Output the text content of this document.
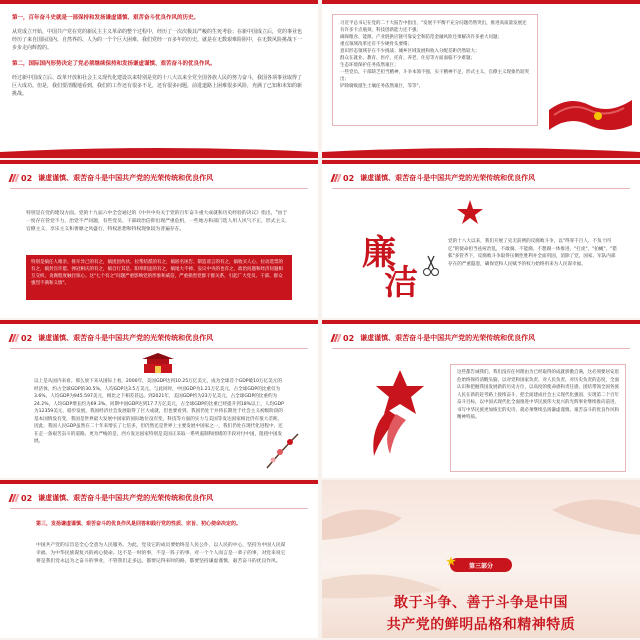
第一，百年奋斗史就是一部保持和发扬谦虚谨慎、艰苦奋斗优良作风的历史。

从党成立开始，中国共产党在党的新民主主义革命的整个过程中，经历了一次次极其严峻的生死考验；在新中国成立后，党的事业也经历了来自国际国内、自然界的、人为的一个个巨大困难，我们党经一百多年的历史，就是在无数艰难险阻中，在无数风险挑战下一步步走向辉煌的。

第二，国际国内形势决定了党必须继续保持和发扬谦虚谨慎、艰苦奋斗的优良作风。

经过新中国成立后、改革开放和社会主义现代化建设以来特别是党的十八大以来全党全国各族人民的努力奋斗，我国各项事业取得了巨大成功。但是，我们要清醒地看到，我们的工作还有很多不足，还有很多问题，前进道路上困难很多风险，充满了已知和未知的新挑战。

习近平总书记在党的二十大报告中指出，"发展不平衡不充分问题仍然突出，推进高质量发展还有许多卡点瓶颈，科技创新能力还不强；

确保粮食、能源、产业链供应链可靠安全和防范金融风险还须解决许多重大问题；

重点领域改革还有不少硬骨头要啃；

意识形态领域存在不少挑战；城乡区域发展和收入分配差距仍然较大；

群众在就业、教育、医疗、托育、养老、住房等方面面临不少难题；

生态环境保护任务依然艰巨；

一些党员、干部缺乏担当精神，斗争本领不强，实干精神不足，形式主义、官僚主义现象仍较突出；

铲除腐败滋生土壤任务依然艰巨，等等"。

02 谦虚谨慎、艰苦奋斗是中国共产党的光荣传统和优良作风

特别是在党的建设方面。党的十九届六中全会通过的《中共中央关于党的百年奋斗重大成就和历史经验的决议》指出，"由于一度存在管党不力、治党不严问题，有些党员、干部政治信仰出现严重危机，一些地方和部门选人用人风气不正，形式主义、官僚主义、享乐主义和奢靡之风盛行，特权思想和特权现象较为普遍存在。

特别是搞任人唯亲、排斥异己的有之，搞团团伙伙、拉帮结派的有之，搞匿名诬告、制造谣言的有之，搞收买人心、拉动选票的有之，搞封官许愿、弹冠相庆的有之，搞自行其是、阳奉阴违的有之，搞尾大不掉、妄议中央的也有之，政治问题和经济问题相互交织，贪腐程度触目惊心。这"七个有之"问题严重影响党的形象和威信，严重损害党群干群关系，引起广大党员、干部、群众强烈不满和义愤"。

02 谦虚谨慎、艰苦奋斗是中国共产党的光荣传统和优良作风
廉
洁

党的十八大以来，我们开展了史无前例的反腐败斗争，以"得罪千百人、不负十四亿"的使命担当祛疴治乱，不敢腐、不能腐、不想腐一体推进，"打虎"、"拍蝇"、"猎狐"多管齐下，反腐败斗争取得压倒性胜利并全面巩固，消除了党、国家、军队内部存在的严重隐患，确保党和人民赋予的权力始终用来为人民谋幸福。

02 谦虚谨慎、艰苦奋斗是中国共产党的光荣传统和优良作风

以上是从国内来看。那么放下来从国际上看，2000年，美国GDP达到10.25万亿美元，成为全球首个GDP破10万亿美元的经济体，约占全球GDP的30.5%。人均GDP达3.5万美元。与此同时，中国GDP为1.21万亿美元，占全球GDP的比重仅为3.6%，人均GDP为945.597美元，相比之下相差甚远。到2021年，美国GDP约为23万亿美元，占全球GDP的比重约为24.2%，人均GDP增长约为69.3%。同期中国GDP达到17.7万亿美元，占全球GDP的比重已经提升到18%以上，人均GDP为12359美元，稳步发展。我国经济社会发展取得了巨大成就，但也要看到，我国仍处于并将长期处于社会主义初级阶段的基本国情没有变，我国是世界最大发展中国家的国际地位没有变，科技等方面的实力与美国等发达国家相比仍有很大差距。因此，我国人民GDP虽然在二十年来增长了七倍多，但仍然还是世界上主要发展中国家之一，我们仍处在现代化进程中，还在走一条艰苦奋斗的道路。更为严峻的是，西方发达国家特别是美国正采取一系列遏制和围堵的手段对付中国，阻挠中国发展。

02 谦虚谨慎、艰苦奋斗是中国共产党的光荣传统和优良作风

这些都告诫我们，我们没有任何理由为已经取得的成就骄傲自满，这必须要居安思危始终保持清醒头脑，以对党和国家负责、对人民负责、对历史负责的态度，全面认识和把握我国发展新的历史方位，以高度的使命感和责任感，团结带领全国各族人民在新的赶考路上接续奋斗，把全面建成社会主义现代化强国、实现第二个百年奋斗目标，以中国式现代化全面推进中华民族伟大复兴的光辉事业继续推向前进，书写中华民族更加恢宏的史诗，就必须继续弘扬谦虚谨慎、艰苦奋斗的优良作风和精神特质。

02 谦虚谨慎、艰苦奋斗是中国共产党的光荣传统和优良作风

第三，发扬谦虚谨慎、艰苦奋斗的优良作风是回答和践行党的性质、宗旨、初心使命决定的。

中国共产党的宗旨是全心全意为人民服务。为此，党及它的成员要始终是人民公仆，以人民的中心，坚持为中国人民谋幸福、为中华民族谋复兴的初心使命。这不是一时的事，不是一阵子的事，对一个个人而言是一辈子的事，对党来说它将是我们党永远为之奋斗的事业，不管我们走多远，都要记得来时的路，都要坚持谦虚谨慎、艰苦奋斗的优良作风。

第三部分

敢于斗争、善于斗争是中国

共产党的鲜明品格和精神特质
